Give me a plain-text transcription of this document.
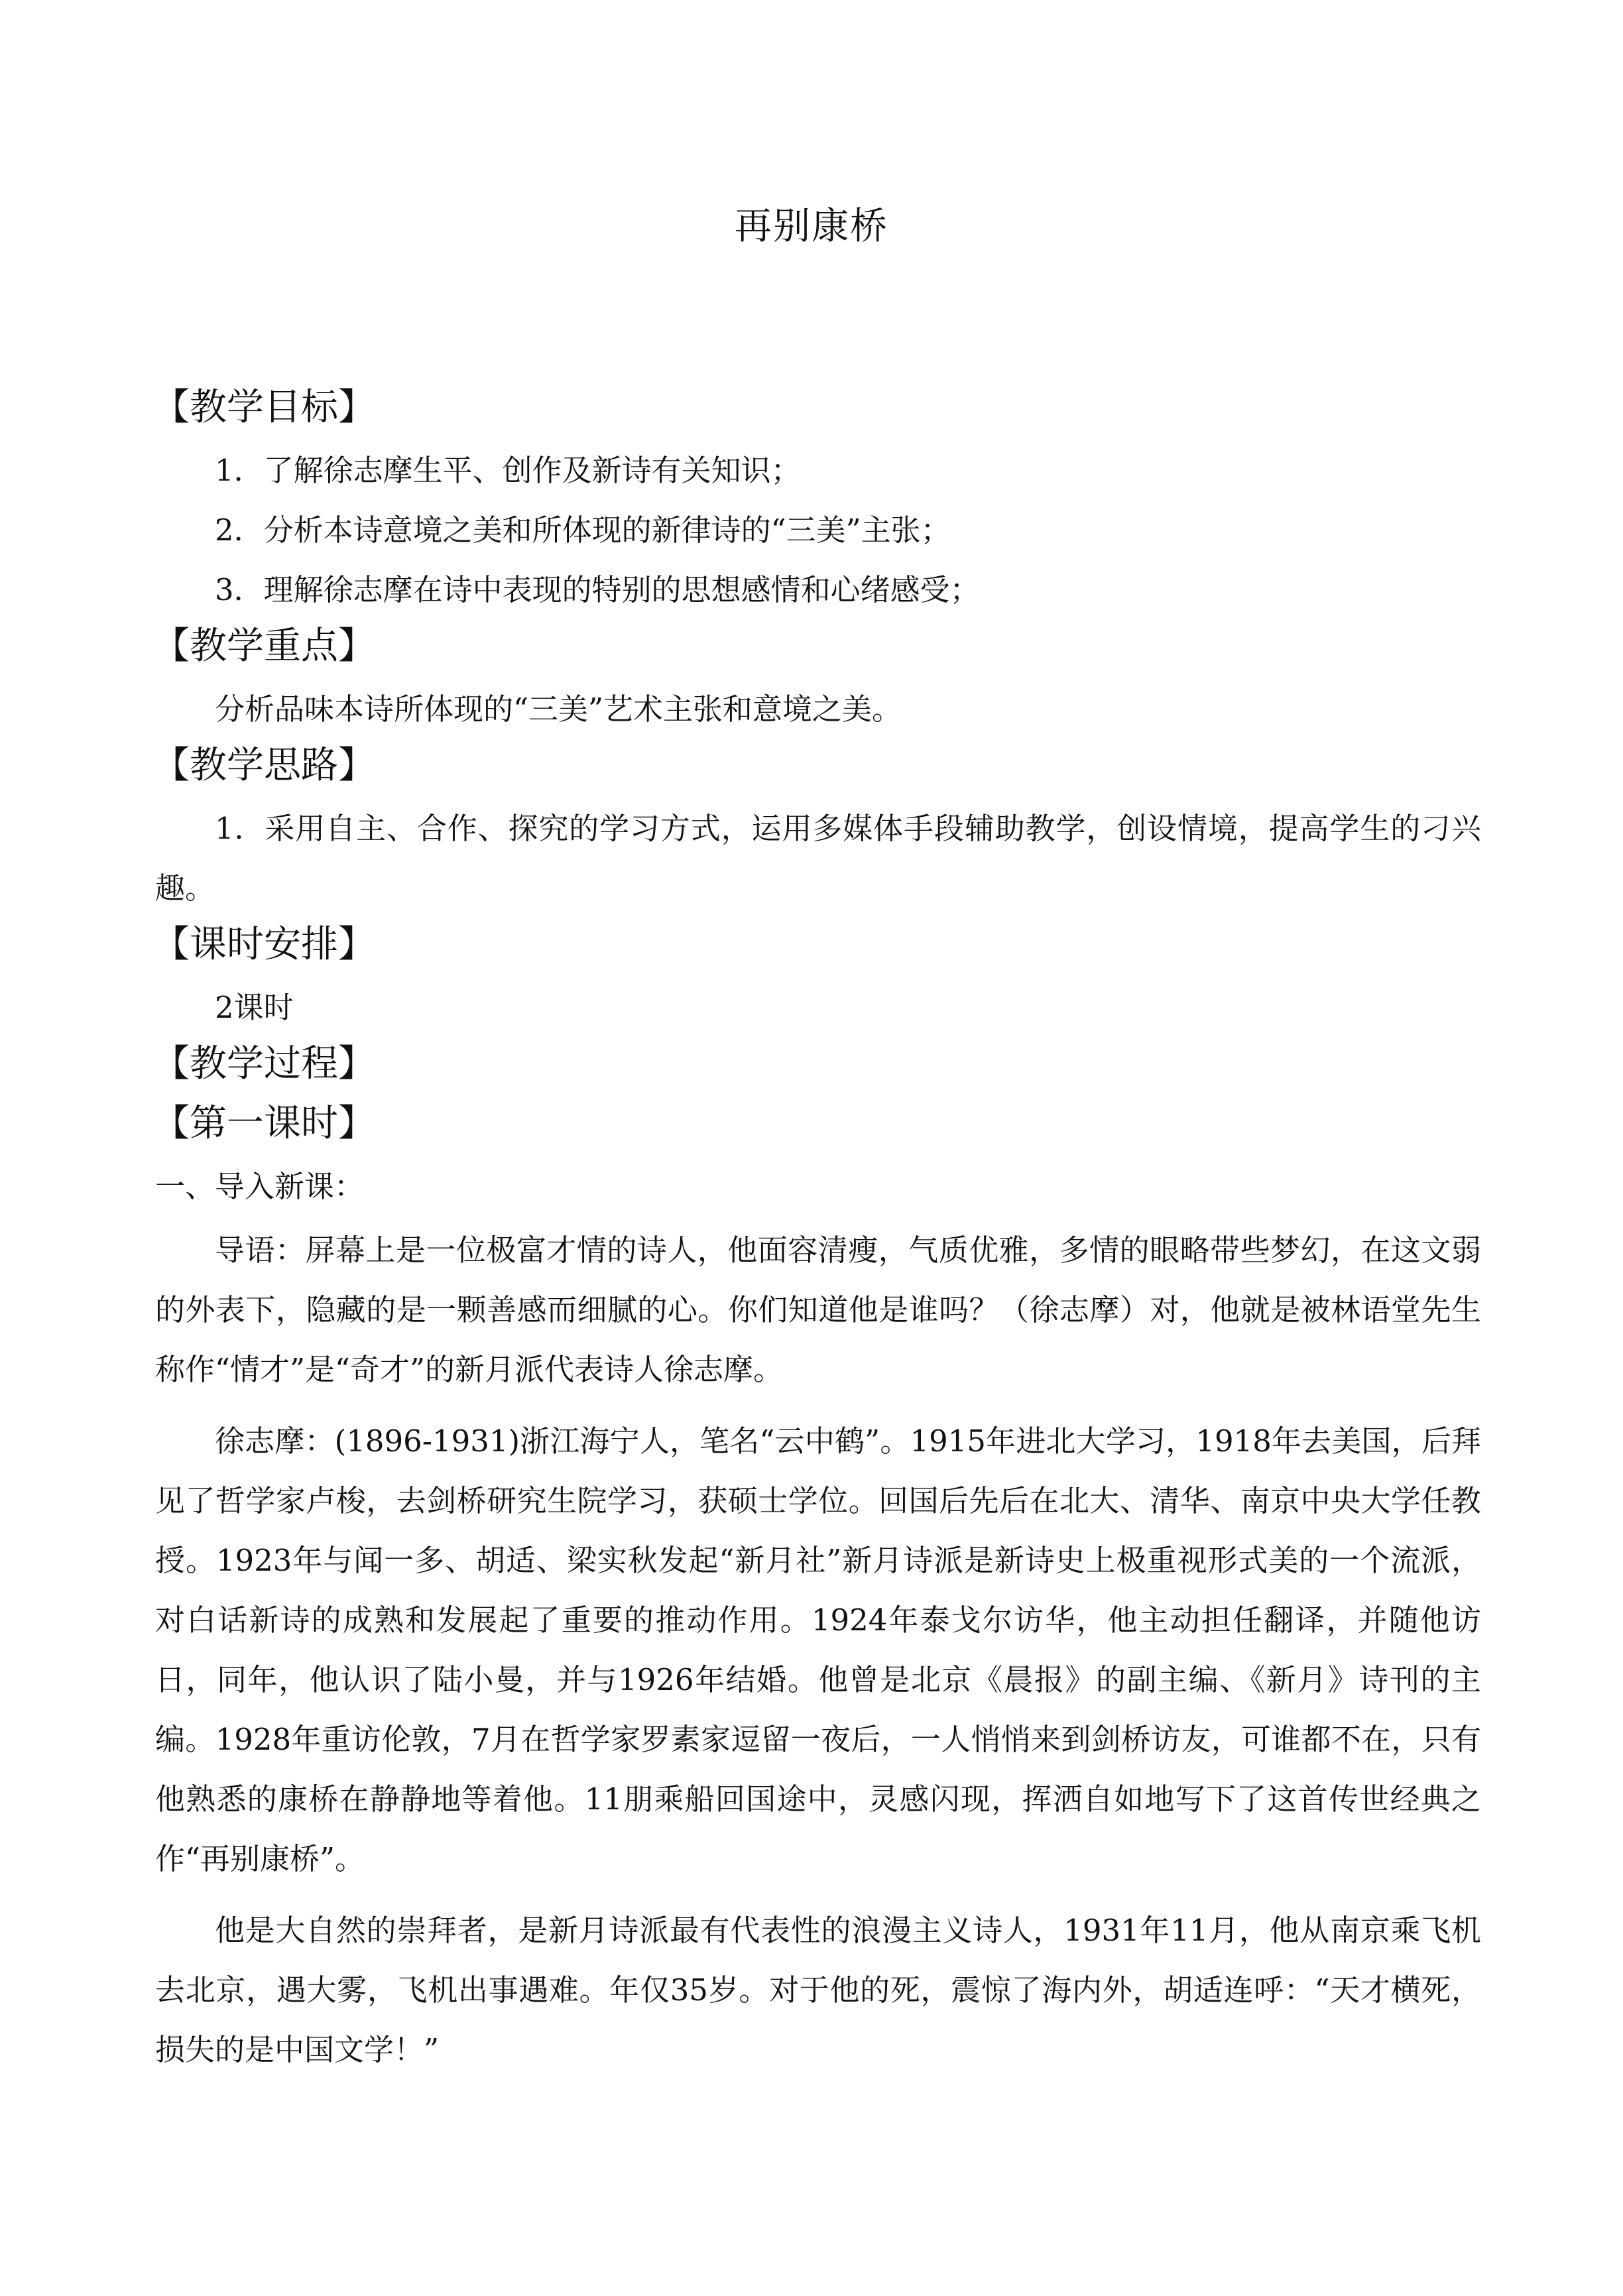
再别康桥
【教学目标】
1．了解徐志摩生平、创作及新诗有关知识；
2．分析本诗意境之美和所体现的新律诗的“三美”主张；
3．理解徐志摩在诗中表现的特别的思想感情和心绪感受；
【教学重点】
分析品味本诗所体现的“三美”艺术主张和意境之美。
【教学思路】

1．采用自主、合作、探究的学习方式，运用多媒体手段辅助教学，创设情境，提高学生的刁兴趣。

【课时安排】
2课时
【教学过程】
【第一课时】
一、导入新课：

导语：屏幕上是一位极富才情的诗人，他面容清瘦，气质优雅，多情的眼略带些梦幻，在这文弱的外表下，隐藏的是一颗善感而细腻的心。你们知道他是谁吗？（徐志摩）对，他就是被林语堂先生称作“情才”是“奇才”的新月派代表诗人徐志摩。

徐志摩：(1896-1931)浙江海宁人，笔名“云中鹤”。1915年进北大学习，1918年去美国，后拜见了哲学家卢梭，去剑桥研究生院学习，获硕士学位。回国后先后在北大、清华、南京中央大学任教授。1923年与闻一多、胡适、梁实秋发起“新月社”新月诗派是新诗史上极重视形式美的一个流派，对白话新诗的成熟和发展起了重要的推动作用。1924年泰戈尔访华，他主动担任翻译，并随他访日，同年，他认识了陆小曼，并与1926年结婚。他曾是北京《晨报》的副主编、《新月》诗刊的主编。1928年重访伦敦，7月在哲学家罗素家逗留一夜后，一人悄悄来到剑桥访友，可谁都不在，只有他熟悉的康桥在静静地等着他。11朋乘船回国途中，灵感闪现，挥洒自如地写下了这首传世经典之作“再别康桥”。

他是大自然的崇拜者，是新月诗派最有代表性的浪漫主义诗人，1931年11月，他从南京乘飞机去北京，遇大雾，飞机出事遇难。年仅35岁。对于他的死，震惊了海内外，胡适连呼：“天才横死，损失的是中国文学！”
